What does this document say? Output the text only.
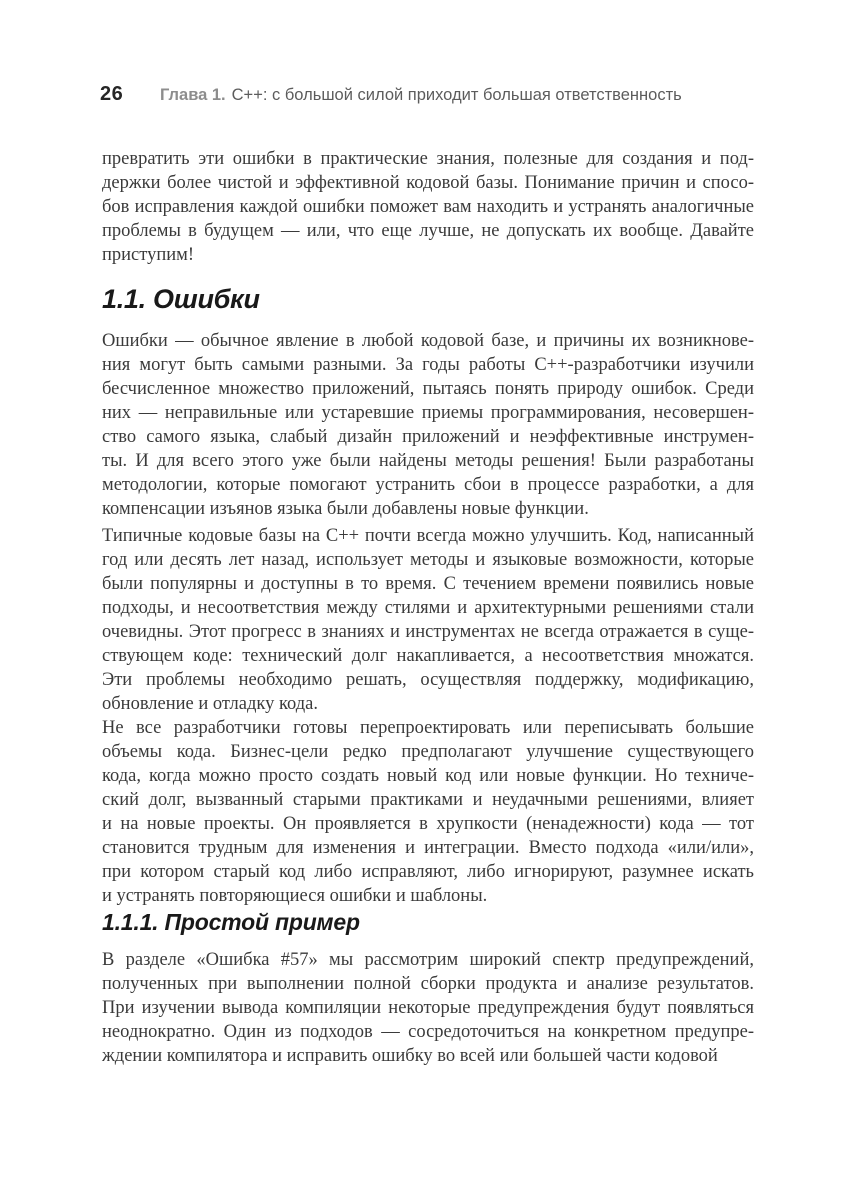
26 Глава 1. C++: с большой силой приходит большая ответственность
превратить эти ошибки в практические знания, полезные для создания и под-
держки более чистой и эффективной кодовой базы. Понимание причин и спосо-
бов исправления каждой ошибки поможет вам находить и устранять аналогичные
проблемы в будущем — или, что еще лучше, не допускать их вообще. Давайте
приступим!
1.1. Ошибки
Ошибки — обычное явление в любой кодовой базе, и причины их возникнове-
ния могут быть самыми разными. За годы работы C++-разработчики изучили
бесчисленное множество приложений, пытаясь понять природу ошибок. Среди
них — неправильные или устаревшие приемы программирования, несовершен-
ство самого языка, слабый дизайн приложений и неэффективные инструмен-
ты. И для всего этого уже были найдены методы решения! Были разработаны
методологии, которые помогают устранить сбои в процессе разработки, а для
компенсации изъянов языка были добавлены новые функции.
Типичные кодовые базы на C++ почти всегда можно улучшить. Код, написанный
год или десять лет назад, использует методы и языковые возможности, которые
были популярны и доступны в то время. С течением времени появились новые
подходы, и несоответствия между стилями и архитектурными решениями стали
очевидны. Этот прогресс в знаниях и инструментах не всегда отражается в суще-
ствующем коде: технический долг накапливается, а несоответствия множатся.
Эти проблемы необходимо решать, осуществляя поддержку, модификацию,
обновление и отладку кода.
Не все разработчики готовы перепроектировать или переписывать большие
объемы кода. Бизнес-цели редко предполагают улучшение существующего
кода, когда можно просто создать новый код или новые функции. Но техниче-
ский долг, вызванный старыми практиками и неудачными решениями, влияет
и на новые проекты. Он проявляется в хрупкости (ненадежности) кода — тот
становится трудным для изменения и интеграции. Вместо подхода «или/или»,
при котором старый код либо исправляют, либо игнорируют, разумнее искать
и устранять повторяющиеся ошибки и шаблоны.
1.1.1. Простой пример
В разделе «Ошибка #57» мы рассмотрим широкий спектр предупреждений,
полученных при выполнении полной сборки продукта и анализе результатов.
При изучении вывода компиляции некоторые предупреждения будут появляться
неоднократно. Один из подходов — сосредоточиться на конкретном предупре-
ждении компилятора и исправить ошибку во всей или большей части кодовой
